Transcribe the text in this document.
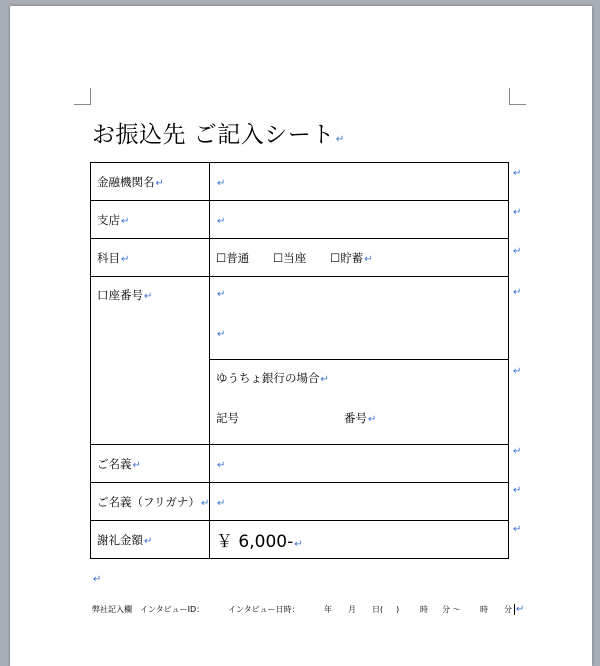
お振込先 ご記入シート↵
金融機関名↵	↵
支店↵	↵
科目↵	☐普通 ☐当座 ☐貯蓄↵
口座番号↵	↵
↵

	ゆうちょ銀行の場合↵
記号 番号↵

ご名義↵	↵
ご名義（フリガナ）↵	↵
謝礼金額↵	￥ 6,000-↵
↵
↵
↵
↵
↵
↵
↵
↵
↵
弊社記入欄 インタビューID：	インタビュー日時：	年 月 日( )	時 分 ～ 時 分 ↵
